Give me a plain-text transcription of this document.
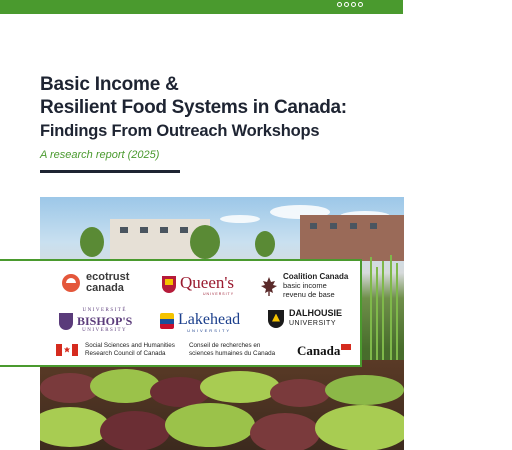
Basic Income &
Resilient Food Systems in Canada:
Findings From Outreach Workshops
A research report (2025)
ecotrust
canada	Queen's
UNIVERSITY
Coalition Canada
basic income
revenu de base
UNIVERSITÉ
BISHOP'S
UNIVERSITY
Lakehead
UNIVERSITY
DALHOUSIE
UNIVERSITY
Social Sciences and Humanities
Research Council of Canada
Conseil de recherches en
sciences humaines du Canada Canada
